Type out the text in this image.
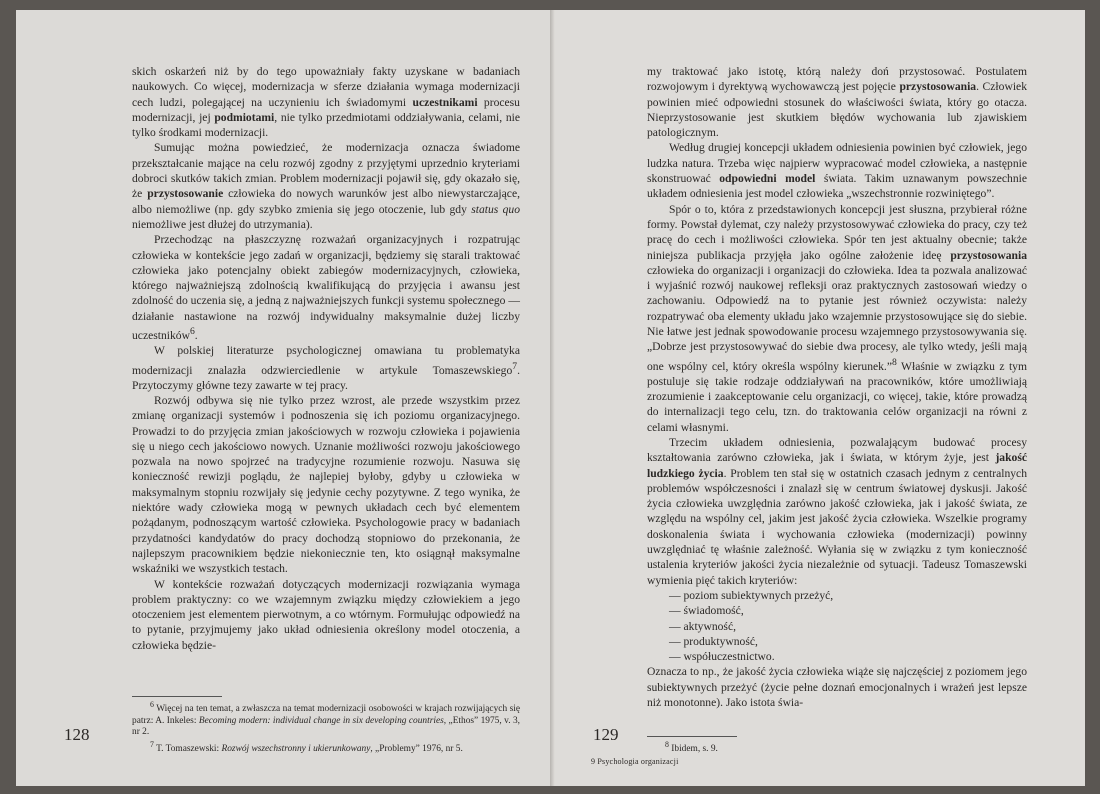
skich oskarżeń niż by do tego upoważniały fakty uzyskane w badaniach naukowych. Co więcej, modernizacja w sferze działania wymaga modernizacji cech ludzi, polegającej na uczynieniu ich świadomymi uczestnikami procesu modernizacji, jej podmiotami, nie tylko przedmiotami oddziaływania, celami, nie tylko środkami modernizacji.

Sumując można powiedzieć, że modernizacja oznacza świadome przekształcanie mające na celu rozwój zgodny z przyjętymi uprzednio kryteriami dobroci skutków takich zmian. Problem modernizacji pojawił się, gdy okazało się, że przystosowanie człowieka do nowych warunków jest albo niewystarczające, albo niemożliwe (np. gdy szybko zmienia się jego otoczenie, lub gdy status quo niemożliwe jest dłużej do utrzymania).

Przechodząc na płaszczyznę rozważań organizacyjnych i rozpatrując człowieka w kontekście jego zadań w organizacji, będziemy się starali traktować człowieka jako potencjalny obiekt zabiegów modernizacyjnych, człowieka, którego najważniejszą zdolnością kwalifikującą do przyjęcia i awansu jest zdolność do uczenia się, a jedną z najważniejszych funkcji systemu społecznego — działanie nastawione na rozwój indywidualny maksymalnie dużej liczby uczestników$^6$.

W polskiej literaturze psychologicznej omawiana tu problematyka modernizacji znalazła odzwierciedlenie w artykule Tomaszewskiego$^7$. Przytoczymy główne tezy zawarte w tej pracy.

Rozwój odbywa się nie tylko przez wzrost, ale przede wszystkim przez zmianę organizacji systemów i podnoszenia się ich poziomu organizacyjnego. Prowadzi to do przyjęcia zmian jakościowych w rozwoju człowieka i pojawienia się u niego cech jakościowo nowych. Uznanie możliwości rozwoju jakościowego pozwala na nowo spojrzeć na tradycyjne rozumienie rozwoju. Nasuwa się konieczność rewizji poglądu, że najlepiej byłoby, gdyby u człowieka w maksymalnym stopniu rozwijały się jedynie cechy pozytywne. Z tego wynika, że niektóre wady człowieka mogą w pewnych układach cech być elementem pożądanym, podnoszącym wartość człowieka. Psychologowie pracy w badaniach przydatności kandydatów do pracy dochodzą stopniowo do przekonania, że najlepszym pracownikiem będzie niekoniecznie ten, kto osiągnął maksymalne wskaźniki we wszystkich testach.

W kontekście rozważań dotyczących modernizacji rozwiązania wymaga problem praktyczny: co we wzajemnym związku między człowiekiem a jego otoczeniem jest elementem pierwotnym, a co wtórnym. Formułując odpowiedź na to pytanie, przyjmujemy jako układ odniesienia określony model otoczenia, a człowieka będzie-

$^6$ Więcej na ten temat, a zwłaszcza na temat modernizacji osobowości w krajach rozwijających się patrz: A. Inkeles: Becoming modern: individual change in six developing countries, „Ethos” 1975, v. 3, nr 2.

$^7$ T. Tomaszewski: Rozwój wszechstronny i ukierunkowany, „Problemy” 1976, nr 5.

128

my traktować jako istotę, którą należy doń przystosować. Postulatem rozwojowym i dyrektywą wychowawczą jest pojęcie przystosowania. Człowiek powinien mieć odpowiedni stosunek do właściwości świata, który go otacza. Nieprzystosowanie jest skutkiem błędów wychowania lub zjawiskiem patologicznym.

Według drugiej koncepcji układem odniesienia powinien być człowiek, jego ludzka natura. Trzeba więc najpierw wypracować model człowieka, a następnie skonstruować odpowiedni model świata. Takim uznawanym powszechnie układem odniesienia jest model człowieka „wszechstronnie rozwiniętego”.

Spór o to, która z przedstawionych koncepcji jest słuszna, przybierał różne formy. Powstał dylemat, czy należy przystosowywać człowieka do pracy, czy też pracę do cech i możliwości człowieka. Spór ten jest aktualny obecnie; także niniejsza publikacja przyjęła jako ogólne założenie ideę przystosowania człowieka do organizacji i organizacji do człowieka. Idea ta pozwala analizować i wyjaśnić rozwój naukowej refleksji oraz praktycznych zastosowań wiedzy o zachowaniu. Odpowiedź na to pytanie jest również oczywista: należy rozpatrywać oba elementy układu jako wzajemnie przystosowujące się do siebie. Nie łatwe jest jednak spowodowanie procesu wzajemnego przystosowywania się. „Dobrze jest przystosowywać do siebie dwa procesy, ale tylko wtedy, jeśli mają one wspólny cel, który określa wspólny kierunek.”$^8$ Właśnie w związku z tym postuluje się takie rodzaje oddziaływań na pracowników, które umożliwiają zrozumienie i zaakceptowanie celu organizacji, co więcej, takie, które prowadzą do internalizacji tego celu, tzn. do traktowania celów organizacji na równi z celami własnymi.

Trzecim układem odniesienia, pozwalającym budować procesy kształtowania zarówno człowieka, jak i świata, w którym żyje, jest jakość ludzkiego życia. Problem ten stał się w ostatnich czasach jednym z centralnych problemów współczesności i znalazł się w centrum światowej dyskusji. Jakość życia człowieka uwzględnia zarówno jakość człowieka, jak i jakość świata, ze względu na wspólny cel, jakim jest jakość życia człowieka. Wszelkie programy doskonalenia świata i wychowania człowieka (modernizacji) powinny uwzględniać tę właśnie zależność. Wyłania się w związku z tym konieczność ustalenia kryteriów jakości życia niezależnie od sytuacji. Tadeusz Tomaszewski wymienia pięć takich kryteriów:

— poziom subiektywnych przeżyć,
— świadomość,
— aktywność,
— produktywność,
— współuczestnictwo.

Oznacza to np., że jakość życia człowieka wiąże się najczęściej z poziomem jego subiektywnych przeżyć (życie pełne doznań emocjonalnych i wrażeń jest lepsze niż monotonne). Jako istota świa-

$^8$ Ibidem, s. 9.

129
9 Psychologia organizacji
